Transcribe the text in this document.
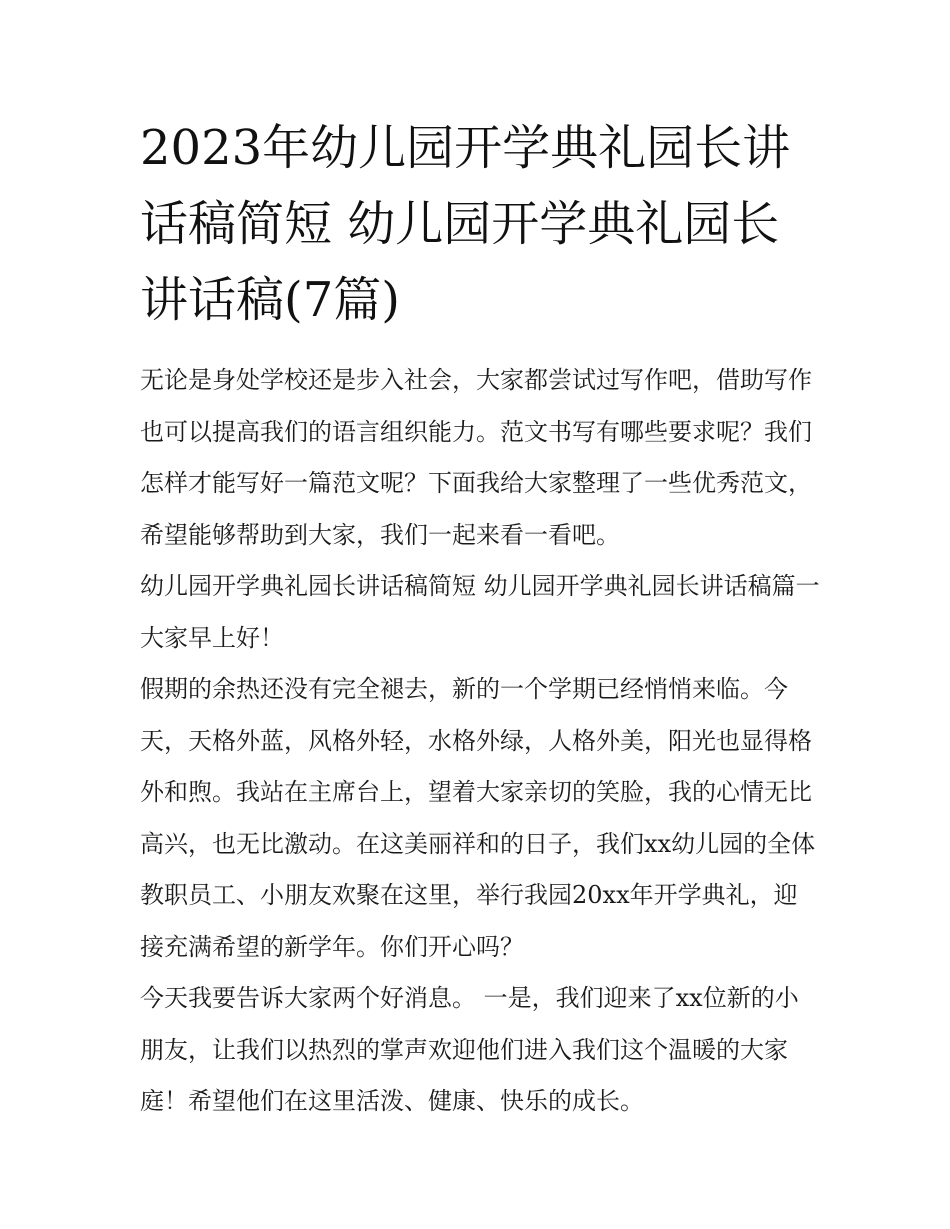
2023年幼儿园开学典礼园长讲话稿简短 幼儿园开学典礼园长讲话稿(7篇)

无论是身处学校还是步入社会，大家都尝试过写作吧，借助写作也可以提高我们的语言组织能力。范文书写有哪些要求呢？我们怎样才能写好一篇范文呢？下面我给大家整理了一些优秀范文，希望能够帮助到大家，我们一起来看一看吧。

幼儿园开学典礼园长讲话稿简短 幼儿园开学典礼园长讲话稿篇一 大家早上好！

假期的余热还没有完全褪去，新的一个学期已经悄悄来临。今天，天格外蓝，风格外轻，水格外绿，人格外美，阳光也显得格外和煦。我站在主席台上，望着大家亲切的笑脸，我的心情无比高兴，也无比激动。在这美丽祥和的日子，我们xx幼儿园的全体教职员工、小朋友欢聚在这里，举行我园20xx年开学典礼，迎接充满希望的新学年。你们开心吗？

今天我要告诉大家两个好消息。 一是，我们迎来了xx位新的小朋友，让我们以热烈的掌声欢迎他们进入我们这个温暖的大家庭！希望他们在这里活泼、健康、快乐的成长。
